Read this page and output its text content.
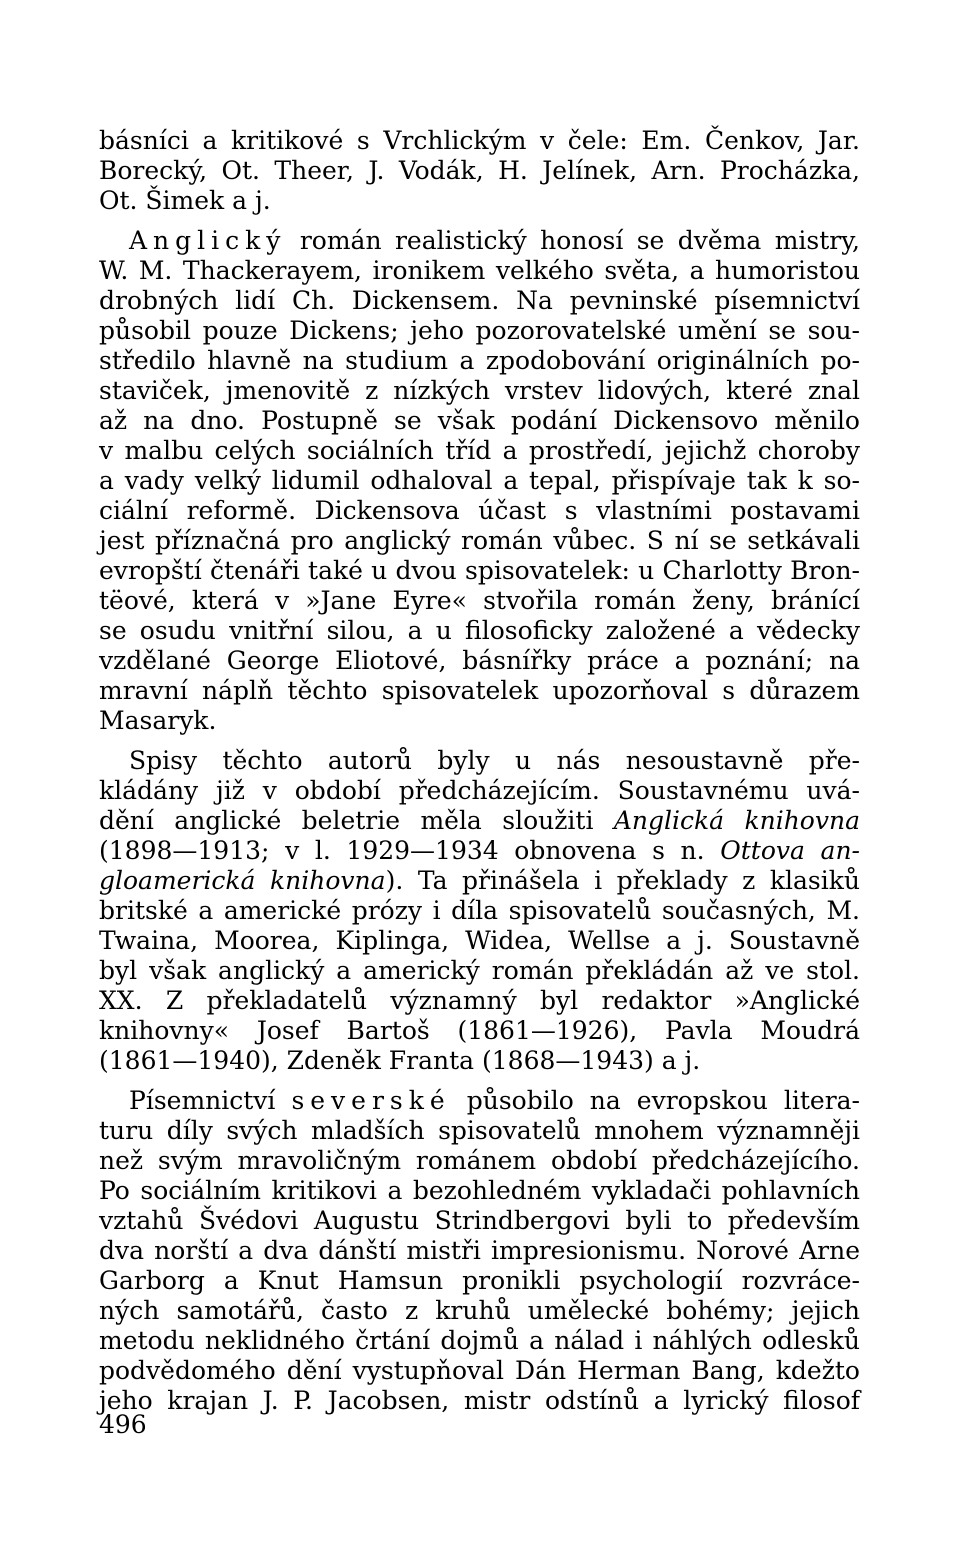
básníci a kritikové s Vrchlickým v čele: Em. Čenkov, Jar.
Borecký, Ot. Theer, J. Vodák, H. Jelínek, Arn. Procházka,
Ot. Šimek a j.
Anglický román realistický honosí se dvěma mistry,
W. M. Thackerayem, ironikem velkého světa, a humoristou
drobných lidí Ch. Dickensem. Na pevninské písemnictví
působil pouze Dickens; jeho pozorovatelské umění se sou-
středilo hlavně na studium a zpodobování originálních po-
staviček, jmenovitě z nízkých vrstev lidových, které znal
až na dno. Postupně se však podání Dickensovo měnilo
v malbu celých sociálních tříd a prostředí, jejichž choroby
a vady velký lidumil odhaloval a tepal, přispívaje tak k so-
ciální reformě. Dickensova účast s vlastními postavami
jest příznačná pro anglický román vůbec. S ní se setkávali
evropští čtenáři také u dvou spisovatelek: u Charlotty Bron-
tëové, která v »Jane Eyre« stvořila román ženy, bránící
se osudu vnitřní silou, a u filosoficky založené a vědecky
vzdělané George Eliotové, básnířky práce a poznání; na
mravní náplň těchto spisovatelek upozorňoval s důrazem
Masaryk.
Spisy těchto autorů byly u nás nesoustavně pře-
kládány již v období předcházejícím. Soustavnému uvá-
dění anglické beletrie měla sloužiti Anglická knihovna
(1898—1913; v l. 1929—1934 obnovena s n. Ottova an-
gloamerická knihovna). Ta přinášela i překlady z klasiků
britské a americké prózy i díla spisovatelů současných, M.
Twaina, Moorea, Kiplinga, Widea, Wellse a j. Soustavně
byl však anglický a americký román překládán až ve stol.
XX. Z překladatelů významný byl redaktor »Anglické
knihovny« Josef Bartoš (1861—1926), Pavla Moudrá
(1861—1940), Zdeněk Franta (1868—1943) a j.
Písemnictví severské působilo na evropskou litera-
turu díly svých mladších spisovatelů mnohem významněji
než svým mravoličným románem období předcházejícího.
Po sociálním kritikovi a bezohledném vykladači pohlavních
vztahů Švédovi Augustu Strindbergovi byli to především
dva norští a dva dánští mistři impresionismu. Norové Arne
Garborg a Knut Hamsun pronikli psychologií rozvráce-
ných samotářů, často z kruhů umělecké bohémy; jejich
metodu neklidného črtání dojmů a nálad i náhlých odlesků
podvědomého dění vystupňoval Dán Herman Bang, kdežto
jeho krajan J. P. Jacobsen, mistr odstínů a lyrický filosof
496
